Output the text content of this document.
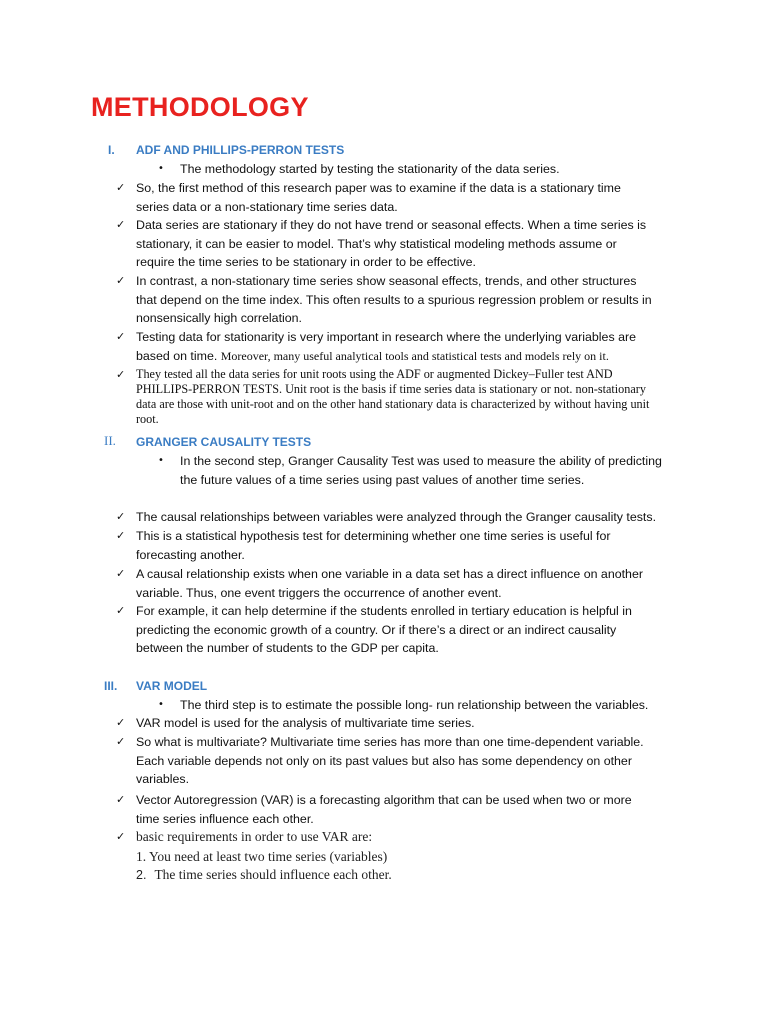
METHODOLOGY
I. ADF AND PHILLIPS-PERRON TESTS
• The methodology started by testing the stationarity of the data series.
✓ So, the first method of this research paper was to examine if the data is a stationary time series data or a non-stationary time series data.
✓ Data series are stationary if they do not have trend or seasonal effects. When a time series is stationary, it can be easier to model. That’s why statistical modeling methods assume or require the time series to be stationary in order to be effective.
✓ In contrast, a non-stationary time series show seasonal effects, trends, and other structures that depend on the time index. This often results to a spurious regression problem or results in nonsensically high correlation.
✓ Testing data for stationarity is very important in research where the underlying variables are based on time. Moreover, many useful analytical tools and statistical tests and models rely on it.
✓ They tested all the data series for unit roots using the ADF or augmented Dickey–Fuller test AND PHILLIPS-PERRON TESTS. Unit root is the basis if time series data is stationary or not. non-stationary data are those with unit-root and on the other hand stationary data is characterized by without having unit root.
II. GRANGER CAUSALITY TESTS
• In the second step, Granger Causality Test was used to measure the ability of predicting the future values of a time series using past values of another time series.
✓ The causal relationships between variables were analyzed through the Granger causality tests.
✓ This is a statistical hypothesis test for determining whether one time series is useful for forecasting another.
✓ A causal relationship exists when one variable in a data set has a direct influence on another variable. Thus, one event triggers the occurrence of another event.
✓ For example, it can help determine if the students enrolled in tertiary education is helpful in predicting the economic growth of a country. Or if there’s a direct or an indirect causality between the number of students to the GDP per capita.
III. VAR MODEL
• The third step is to estimate the possible long- run relationship between the variables.
✓ VAR model is used for the analysis of multivariate time series.
✓ So what is multivariate? Multivariate time series has more than one time-dependent variable. Each variable depends not only on its past values but also has some dependency on other variables.
✓ Vector Autoregression (VAR) is a forecasting algorithm that can be used when two or more time series influence each other.
✓ basic requirements in order to use VAR are:
1. You need at least two time series (variables)
2. The time series should influence each other.
